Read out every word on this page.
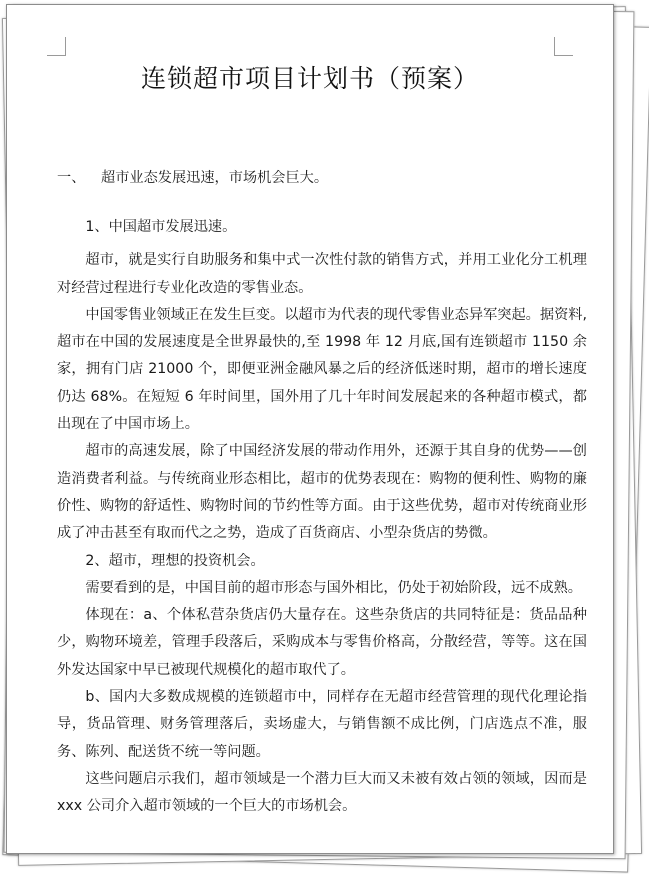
连锁超市项目计划书（预案）

一、 超市业态发展迅速，市场机会巨大。

1、中国超市发展迅速。

超市，就是实行自助服务和集中式一次性付款的销售方式，并用工业化分工机理对经营过程进行专业化改造的零售业态。

中国零售业领域正在发生巨变。以超市为代表的现代零售业态异军突起。据资料,超市在中国的发展速度是全世界最快的,至 1998 年 12 月底,国有连锁超市 1150 余家，拥有门店 21000 个，即便亚洲金融风暴之后的经济低迷时期，超市的增长速度仍达 68%。在短短 6 年时间里，国外用了几十年时间发展起来的各种超市模式，都出现在了中国市场上。

超市的高速发展，除了中国经济发展的带动作用外，还源于其自身的优势——创造消费者利益。与传统商业形态相比，超市的优势表现在：购物的便利性、购物的廉价性、购物的舒适性、购物时间的节约性等方面。由于这些优势，超市对传统商业形成了冲击甚至有取而代之之势，造成了百货商店、小型杂货店的势微。

2、超市，理想的投资机会。

需要看到的是，中国目前的超市形态与国外相比，仍处于初始阶段，远不成熟。

体现在：a、个体私营杂货店仍大量存在。这些杂货店的共同特征是：货品品种少，购物环境差，管理手段落后，采购成本与零售价格高，分散经营，等等。这在国外发达国家中早已被现代规模化的超市取代了。

b、国内大多数成规模的连锁超市中，同样存在无超市经营管理的现代化理论指导，货品管理、财务管理落后，卖场虚大，与销售额不成比例，门店选点不准，服务、陈列、配送货不统一等问题。

这些问题启示我们，超市领域是一个潜力巨大而又未被有效占领的领域，因而是 xxx 公司介入超市领域的一个巨大的市场机会。
